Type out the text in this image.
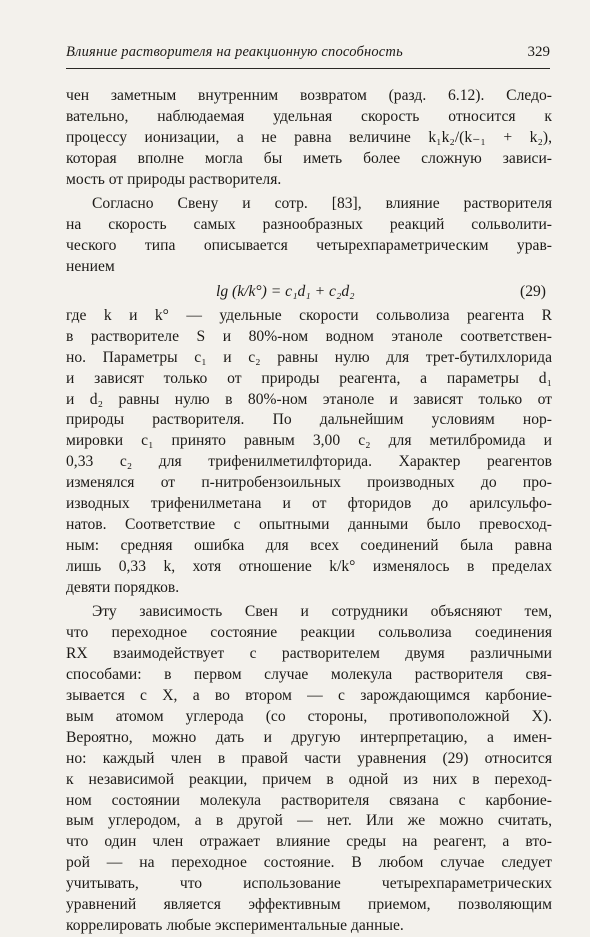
Влияние растворителя на реакционную способность	329

чен заметным внутренним возвратом (разд. 6.12). Следо-
вательно, наблюдаемая удельная скорость относится к
процессу ионизации, а не равна величине k₁k₂/(k₋₁ + k₂),
которая вполне могла бы иметь более сложную зависи-
мость от природы растворителя.

Согласно Свену и сотр. [83], влияние растворителя
на скорость самых разнообразных реакций сольволити-
ческого типа описывается четырехпараметрическим урав-
нением

lg (k/k°) = c₁d₁ + c₂d₂	(29)

где k и k° — удельные скорости сольволиза реагента R
в растворителе S и 80%-ном водном этаноле соответствен-
но. Параметры c₁ и c₂ равны нулю для трет-бутилхлорида
и зависят только от природы реагента, а параметры d₁
и d₂ равны нулю в 80%-ном этаноле и зависят только от
природы растворителя. По дальнейшим условиям нор-
мировки c₁ принято равным 3,00 c₂ для метилбромида и
0,33 c₂ для трифенилметилфторида. Характер реагентов
изменялся от п-нитробензоильных производных до про-
изводных трифенилметана и от фторидов до арилсульфо-
натов. Соответствие с опытными данными было превосход-
ным: средняя ошибка для всех соединений была равна
лишь 0,33 k, хотя отношение k/k° изменялось в пределах
девяти порядков.

Эту зависимость Свен и сотрудники объясняют тем,
что переходное состояние реакции сольволиза соединения
RX взаимодействует с растворителем двумя различными
способами: в первом случае молекула растворителя свя-
зывается с X, а во втором — с зарождающимся карбоние-
вым атомом углерода (со стороны, противоположной X).
Вероятно, можно дать и другую интерпретацию, а имен-
но: каждый член в правой части уравнения (29) относится
к независимой реакции, причем в одной из них в переход-
ном состоянии молекула растворителя связана с карбоние-
вым углеродом, а в другой — нет. Или же можно считать,
что один член отражает влияние среды на реагент, а вто-
рой — на переходное состояние. В любом случае следует
учитывать, что использование четырехпараметрических
уравнений является эффективным приемом, позволяющим
коррелировать любые экспериментальные данные.
